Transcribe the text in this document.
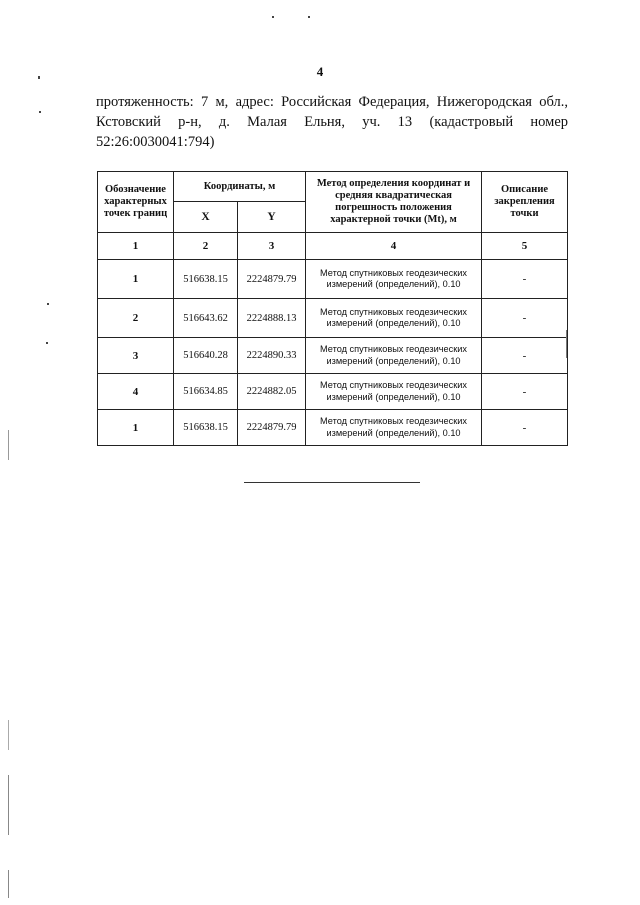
4
протяженность: 7 м, адрес: Российская Федерация, Нижегородская обл.,
Кстовский р-н, д. Малая Ельня, уч. 13 (кадастровый номер
52:26:0030041:794)
Обозначение характерных точек границ	Координаты, м		Метод определения координат и средняя квадратическая погрешность положения характерной точки (Mt), м	Описание закрепления точки
	X	Y		
1	2	3	4	5
1	516638.15	2224879.79	Метод спутниковых геодезических измерений (определений), 0.10	-
2	516643.62	2224888.13	Метод спутниковых геодезических измерений (определений), 0.10	-
3	516640.28	2224890.33	Метод спутниковых геодезических измерений (определений), 0.10	-
4	516634.85	2224882.05	Метод спутниковых геодезических измерений (определений), 0.10	-
1	516638.15	2224879.79	Метод спутниковых геодезических измерений (определений), 0.10	-
